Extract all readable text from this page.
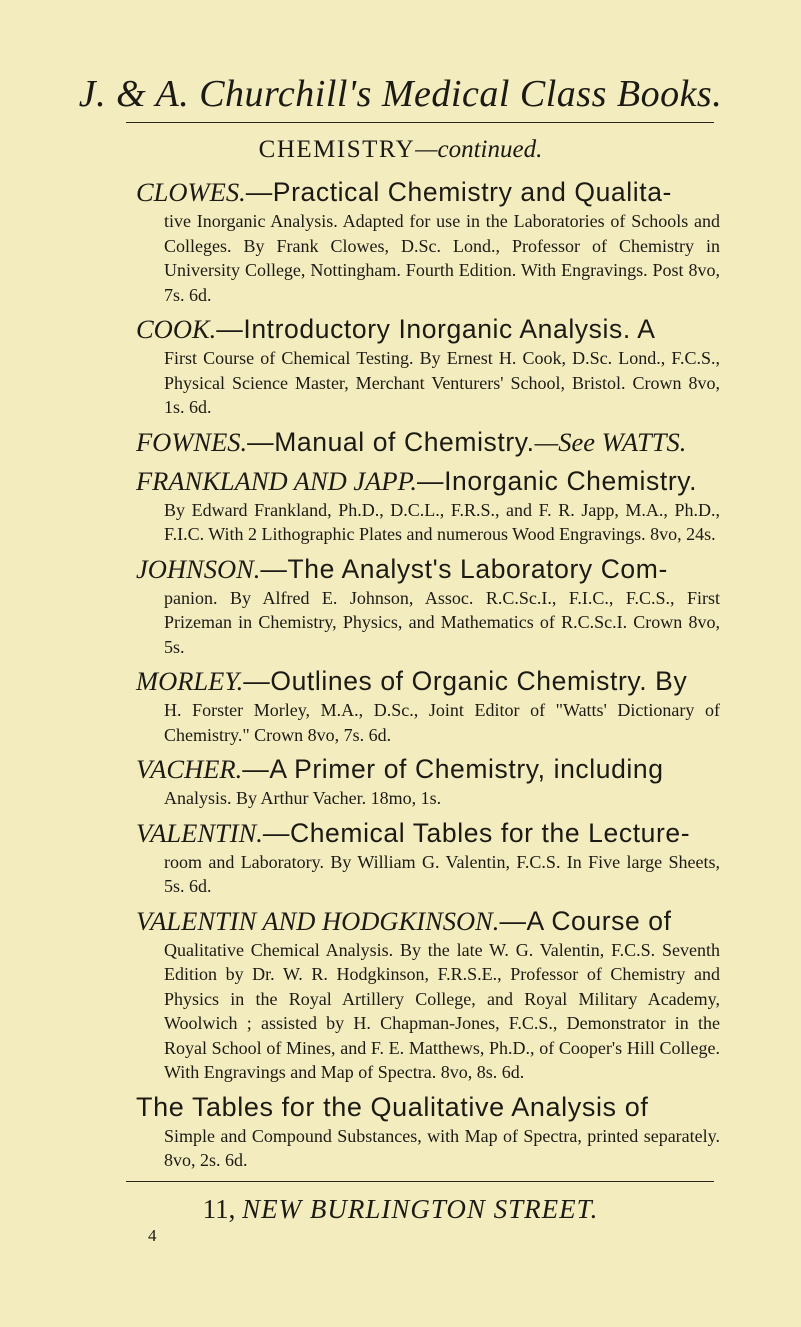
J. & A. Churchill's Medical Class Books.
CHEMISTRY—continued.
CLOWES.—Practical Chemistry and Qualita-
tive Inorganic Analysis. Adapted for use in the Laboratories of Schools and Colleges. By Frank Clowes, D.Sc. Lond., Professor of Chemistry in University College, Nottingham. Fourth Edition. With Engravings. Post 8vo, 7s. 6d.
COOK.—Introductory Inorganic Analysis. A
First Course of Chemical Testing. By Ernest H. Cook, D.Sc. Lond., F.C.S., Physical Science Master, Merchant Venturers' School, Bristol. Crown 8vo, 1s. 6d.
FOWNES.—Manual of Chemistry.—See WATTS.
FRANKLAND AND JAPP.—Inorganic Chemistry.
By Edward Frankland, Ph.D., D.C.L., F.R.S., and F. R. Japp, M.A., Ph.D., F.I.C. With 2 Lithographic Plates and numerous Wood Engravings. 8vo, 24s.
JOHNSON.—The Analyst's Laboratory Com-
panion. By Alfred E. Johnson, Assoc. R.C.Sc.I., F.I.C., F.C.S., First Prizeman in Chemistry, Physics, and Mathematics of R.C.Sc.I. Crown 8vo, 5s.
MORLEY.—Outlines of Organic Chemistry. By
H. Forster Morley, M.A., D.Sc., Joint Editor of "Watts' Dictionary of Chemistry." Crown 8vo, 7s. 6d.
VACHER.—A Primer of Chemistry, including
Analysis. By Arthur Vacher. 18mo, 1s.
VALENTIN.—Chemical Tables for the Lecture-
room and Laboratory. By William G. Valentin, F.C.S. In Five large Sheets, 5s. 6d.
VALENTIN AND HODGKINSON.—A Course of
Qualitative Chemical Analysis. By the late W. G. Valentin, F.C.S. Seventh Edition by Dr. W. R. Hodgkinson, F.R.S.E., Professor of Chemistry and Physics in the Royal Artillery College, and Royal Military Academy, Woolwich ; assisted by H. Chapman-Jones, F.C.S., Demonstrator in the Royal School of Mines, and F. E. Matthews, Ph.D., of Cooper's Hill College. With Engravings and Map of Spectra. 8vo, 8s. 6d.
The Tables for the Qualitative Analysis of
Simple and Compound Substances, with Map of Spectra, printed separately. 8vo, 2s. 6d.
11, NEW BURLINGTON STREET.
4
